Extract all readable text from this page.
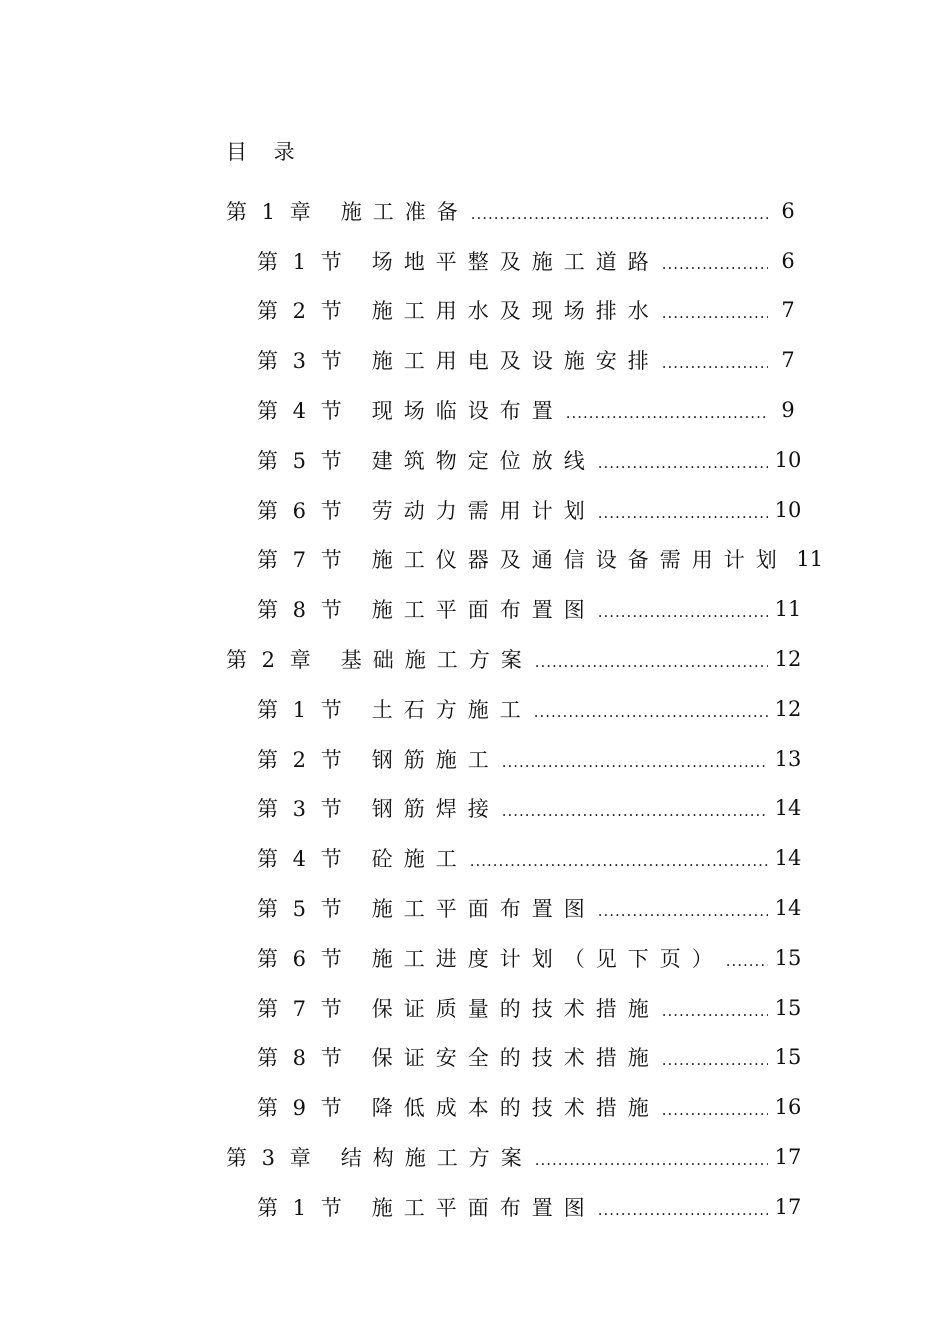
目 录
第 1 章 施工准备 .....	6
第 1 节 场地平整及施工道路 .....	6
第 2 节 施工用水及现场排水 .....	7
第 3 节 施工用电及设施安排 .....	7
第 4 节 现场临设布置 .....	9
第 5 节 建筑物定位放线 .....	10
第 6 节 劳动力需用计划 .....	10
第 7 节 施工仪器及通信设备需用计划 11
第 8 节 施工平面布置图 .....	11
第 2 章 基础施工方案 .....	12
第 1 节 土石方施工 .....	12
第 2 节 钢筋施工 .....	13
第 3 节 钢筋焊接 .....	14
第 4 节 砼施工 .....	14
第 5 节 施工平面布置图 .....	14
第 6 节 施工进度计划（见下页） ..... 15
第 7 节 保证质量的技术措施 .....	15
第 8 节 保证安全的技术措施 .....	15
第 9 节 降低成本的技术措施 .....	16
第 3 章 结构施工方案 .....	17
第 1 节 施工平面布置图 .....	17
